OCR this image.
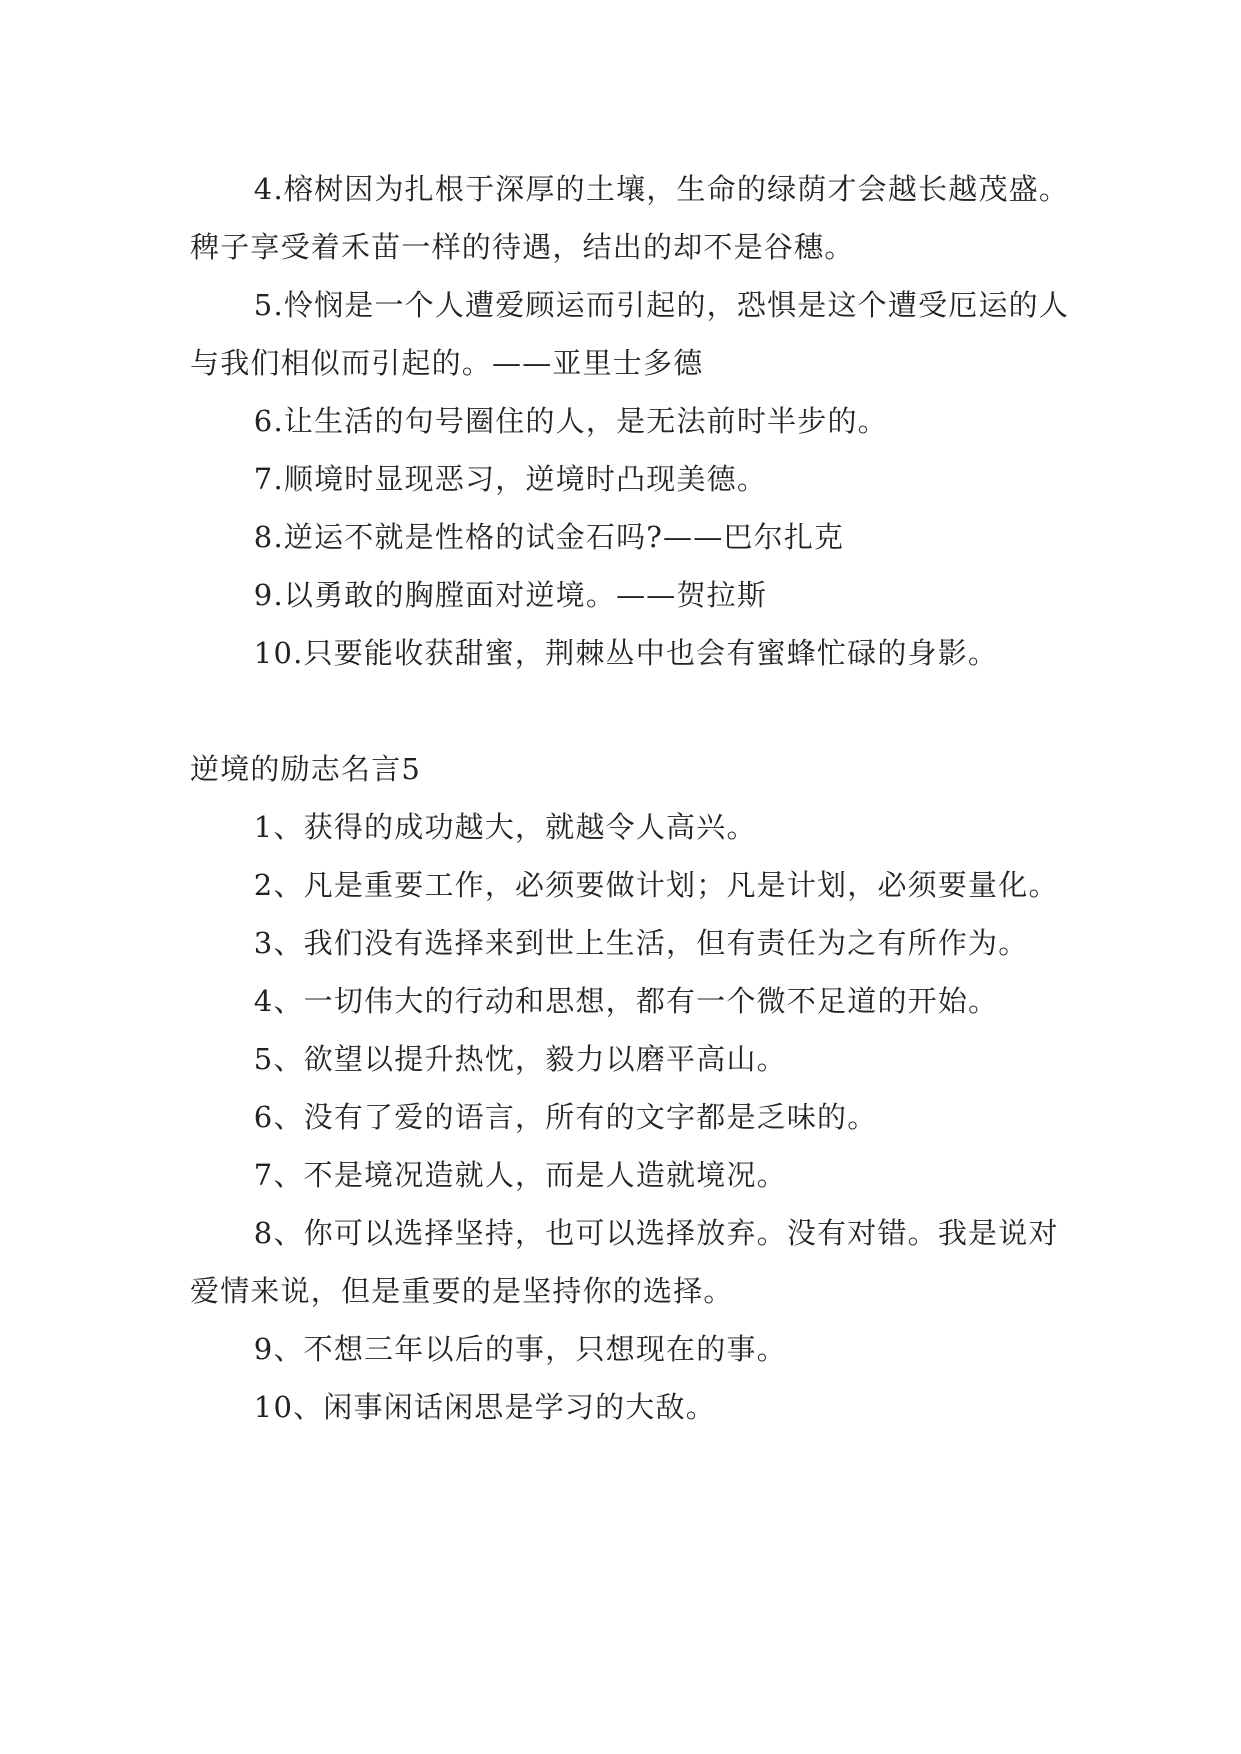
4.榕树因为扎根于深厚的土壤，生命的绿荫才会越长越茂盛。稗子享受着禾苗一样的待遇，结出的却不是谷穗。

5.怜悯是一个人遭爱顾运而引起的，恐惧是这个遭受厄运的人与我们相似而引起的。——亚里士多德

6.让生活的句号圈住的人，是无法前时半步的。

7.顺境时显现恶习，逆境时凸现美德。

8.逆运不就是性格的试金石吗?——巴尔扎克

9.以勇敢的胸膛面对逆境。——贺拉斯

10.只要能收获甜蜜，荆棘丛中也会有蜜蜂忙碌的身影。

逆境的励志名言5

1、获得的成功越大，就越令人高兴。

2、凡是重要工作，必须要做计划；凡是计划，必须要量化。

3、我们没有选择来到世上生活，但有责任为之有所作为。

4、一切伟大的行动和思想，都有一个微不足道的开始。

5、欲望以提升热忱，毅力以磨平高山。

6、没有了爱的语言，所有的文字都是乏味的。

7、不是境况造就人，而是人造就境况。

8、你可以选择坚持，也可以选择放弃。没有对错。我是说对爱情来说，但是重要的是坚持你的选择。

9、不想三年以后的事，只想现在的事。

10、闲事闲话闲思是学习的大敌。
